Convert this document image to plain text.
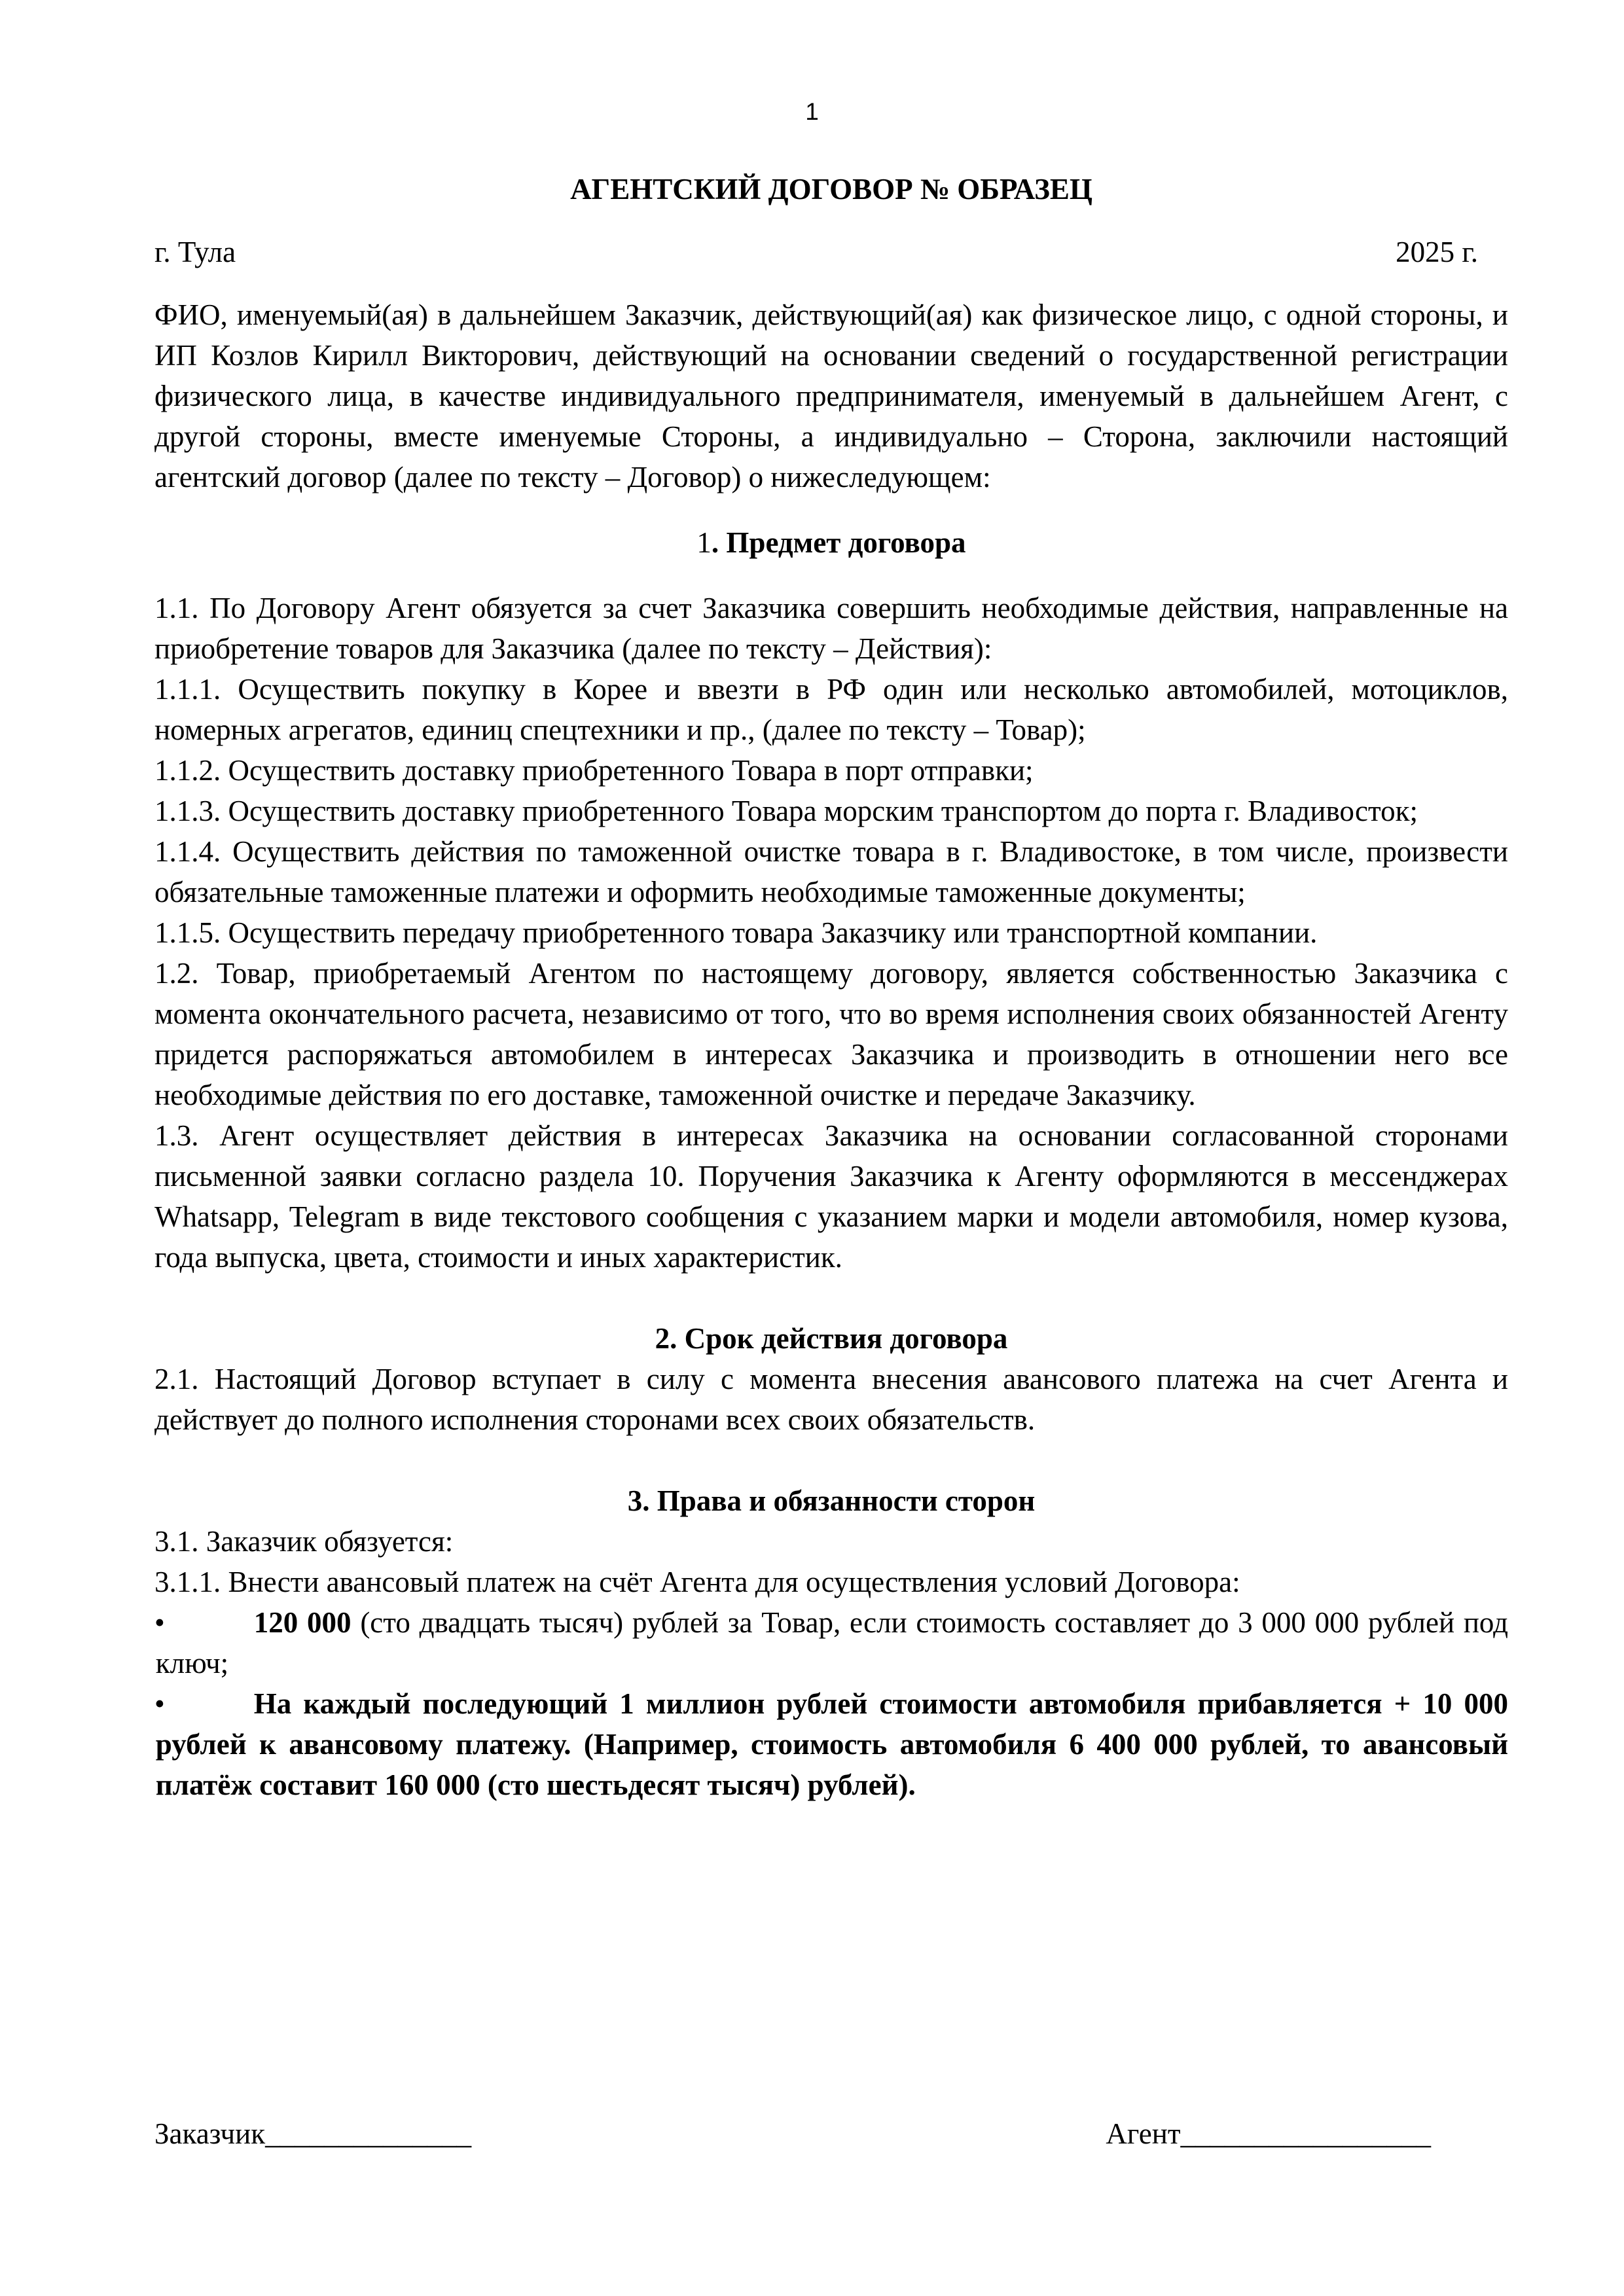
1
АГЕНТСКИЙ ДОГОВОР № ОБРАЗЕЦ
г. Тула	2025 г.

ФИО, именуемый(ая) в дальнейшем Заказчик, действующий(ая) как физическое лицо, с одной стороны, и ИП Козлов Кирилл Викторович, действующий на основании сведений о государственной регистрации физического лица, в качестве индивидуального предпринимателя, именуемый в дальнейшем Агент, с другой стороны, вместе именуемые Стороны, а индивидуально – Сторона, заключили настоящий агентский договор (далее по тексту – Договор) о нижеследующем:

1. Предмет договора

1.1. По Договору Агент обязуется за счет Заказчика совершить необходимые действия, направленные на приобретение товаров для Заказчика (далее по тексту – Действия):

1.1.1. Осуществить покупку в Корее и ввезти в РФ один или несколько автомобилей, мотоциклов, номерных агрегатов, единиц спецтехники и пр., (далее по тексту – Товар);

1.1.2. Осуществить доставку приобретенного Товара в порт отправки;

1.1.3. Осуществить доставку приобретенного Товара морским транспортом до порта г. Владивосток;

1.1.4. Осуществить действия по таможенной очистке товара в г. Владивостоке, в том числе, произвести обязательные таможенные платежи и оформить необходимые таможенные документы;

1.1.5. Осуществить передачу приобретенного товара Заказчику или транспортной компании.

1.2. Товар, приобретаемый Агентом по настоящему договору, является собственностью Заказчика с момента окончательного расчета, независимо от того, что во время исполнения своих обязанностей Агенту придется распоряжаться автомобилем в интересах Заказчика и производить в отношении него все необходимые действия по его доставке, таможенной очистке и передаче Заказчику.

1.3. Агент осуществляет действия в интересах Заказчика на основании согласованной сторонами письменной заявки согласно раздела 10. Поручения Заказчика к Агенту оформляются в мессенджерах Whatsapp, Telegram в виде текстового сообщения с указанием марки и модели автомобиля, номер кузова, года выпуска, цвета, стоимости и иных характеристик.

2. Срок действия договора

2.1. Настоящий Договор вступает в силу с момента внесения авансового платежа на счет Агента и действует до полного исполнения сторонами всех своих обязательств.

3. Права и обязанности сторон

3.1. Заказчик обязуется:

3.1.1. Внести авансовый платеж на счёт Агента для осуществления условий Договора:

•	120 000 (сто двадцать тысяч) рублей за Товар, если стоимость составляет до 3 000 000 рублей под ключ;
•	На каждый последующий 1 миллион рублей стоимости автомобиля прибавляется + 10 000 рублей к авансовому платежу. (Например, стоимость автомобиля 6 400 000 рублей, то авансовый платёж составит 160 000 (сто шестьдесят тысяч) рублей).
Заказчик______________	Агент_________________
